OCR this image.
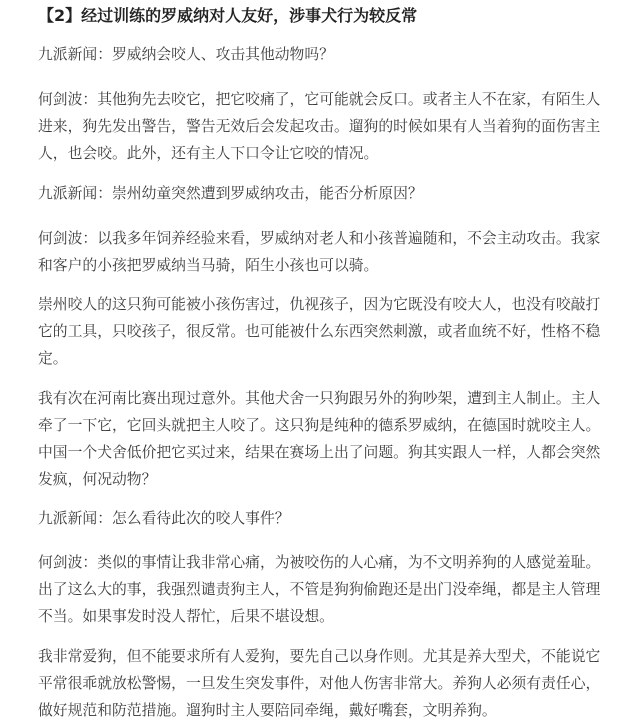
【2】经过训练的罗威纳对人友好，涉事犬行为较反常
九派新闻：罗威纳会咬人、攻击其他动物吗？
何剑波：其他狗先去咬它，把它咬痛了，它可能就会反口。或者主人不在家，有陌生人
进来，狗先发出警告，警告无效后会发起攻击。遛狗的时候如果有人当着狗的面伤害主
人，也会咬。此外，还有主人下口令让它咬的情况。
九派新闻：崇州幼童突然遭到罗威纳攻击，能否分析原因？
何剑波：以我多年饲养经验来看，罗威纳对老人和小孩普遍随和，不会主动攻击。我家
和客户的小孩把罗威纳当马骑，陌生小孩也可以骑。
崇州咬人的这只狗可能被小孩伤害过，仇视孩子，因为它既没有咬大人，也没有咬敲打
它的工具，只咬孩子，很反常。也可能被什么东西突然刺激，或者血统不好，性格不稳
定。
我有次在河南比赛出现过意外。其他犬舍一只狗跟另外的狗吵架，遭到主人制止。主人
牵了一下它，它回头就把主人咬了。这只狗是纯种的德系罗威纳，在德国时就咬主人。
中国一个犬舍低价把它买过来，结果在赛场上出了问题。狗其实跟人一样，人都会突然
发疯，何况动物？
九派新闻：怎么看待此次的咬人事件？
何剑波：类似的事情让我非常心痛，为被咬伤的人心痛，为不文明养狗的人感觉羞耻。
出了这么大的事，我强烈谴责狗主人，不管是狗狗偷跑还是出门没牵绳，都是主人管理
不当。如果事发时没人帮忙，后果不堪设想。
我非常爱狗，但不能要求所有人爱狗，要先自己以身作则。尤其是养大型犬，不能说它
平常很乖就放松警惕，一旦发生突发事件，对他人伤害非常大。养狗人必须有责任心，
做好规范和防范措施。遛狗时主人要陪同牵绳，戴好嘴套，文明养狗。
